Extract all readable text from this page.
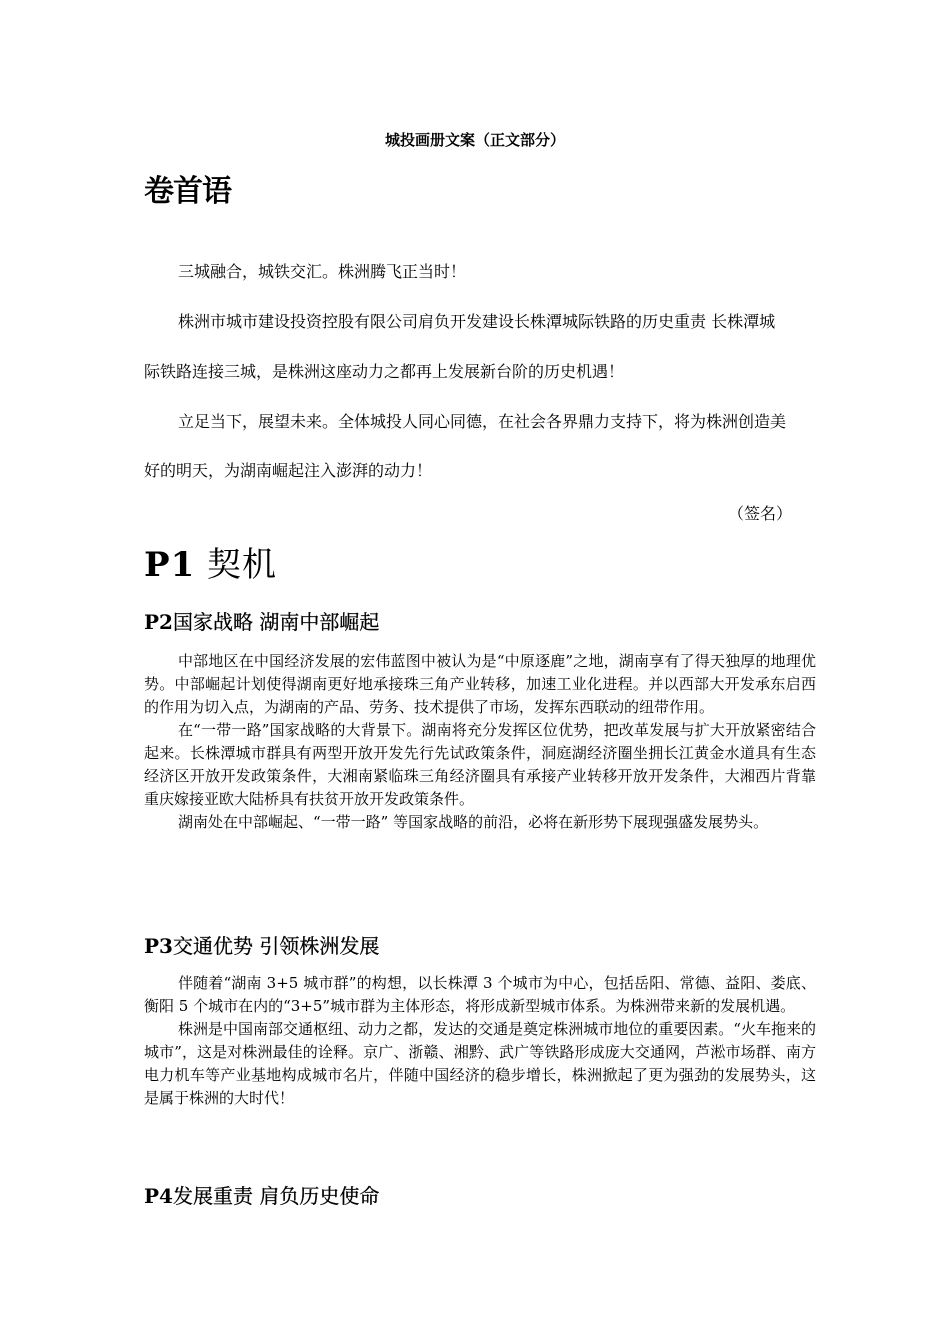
城投画册文案（正文部分）
卷首语

三城融合，城铁交汇。株洲腾飞正当时！

株洲市城市建设投资控股有限公司肩负开发建设长株潭城际铁路的历史重责 长株潭城

际铁路连接三城，是株洲这座动力之都再上发展新台阶的历史机遇！

立足当下，展望未来。全体城投人同心同德，在社会各界鼎力支持下，将为株洲创造美

好的明天，为湖南崛起注入澎湃的动力！

（签名）
P1 契机
P2国家战略 湖南中部崛起

中部地区在中国经济发展的宏伟蓝图中被认为是“中原逐鹿”之地，湖南享有了得天独厚的地理优势。中部崛起计划使得湖南更好地承接珠三角产业转移，加速工业化进程。并以西部大开发承东启西的作用为切入点，为湖南的产品、劳务、技术提供了市场，发挥东西联动的纽带作用。

在“一带一路”国家战略的大背景下。湖南将充分发挥区位优势，把改革发展与扩大开放紧密结合起来。长株潭城市群具有两型开放开发先行先试政策条件，洞庭湖经济圈坐拥长江黄金水道具有生态经济区开放开发政策条件，大湘南紧临珠三角经济圈具有承接产业转移开放开发条件，大湘西片背靠重庆嫁接亚欧大陆桥具有扶贫开放开发政策条件。

湖南处在中部崛起、“一带一路” 等国家战略的前沿，必将在新形势下展现强盛发展势头。

P3交通优势 引领株洲发展

伴随着“湖南 3+5 城市群”的构想，以长株潭 3 个城市为中心，包括岳阳、常德、益阳、娄底、衡阳 5 个城市在内的“3+5”城市群为主体形态，将形成新型城市体系。为株洲带来新的发展机遇。

株洲是中国南部交通枢纽、动力之都，发达的交通是奠定株洲城市地位的重要因素。“火车拖来的城市”，这是对株洲最佳的诠释。京广、浙赣、湘黔、武广等铁路形成庞大交通网，芦淞市场群、南方电力机车等产业基地构成城市名片，伴随中国经济的稳步增长，株洲掀起了更为强劲的发展势头，这是属于株洲的大时代！

P4发展重责 肩负历史使命
